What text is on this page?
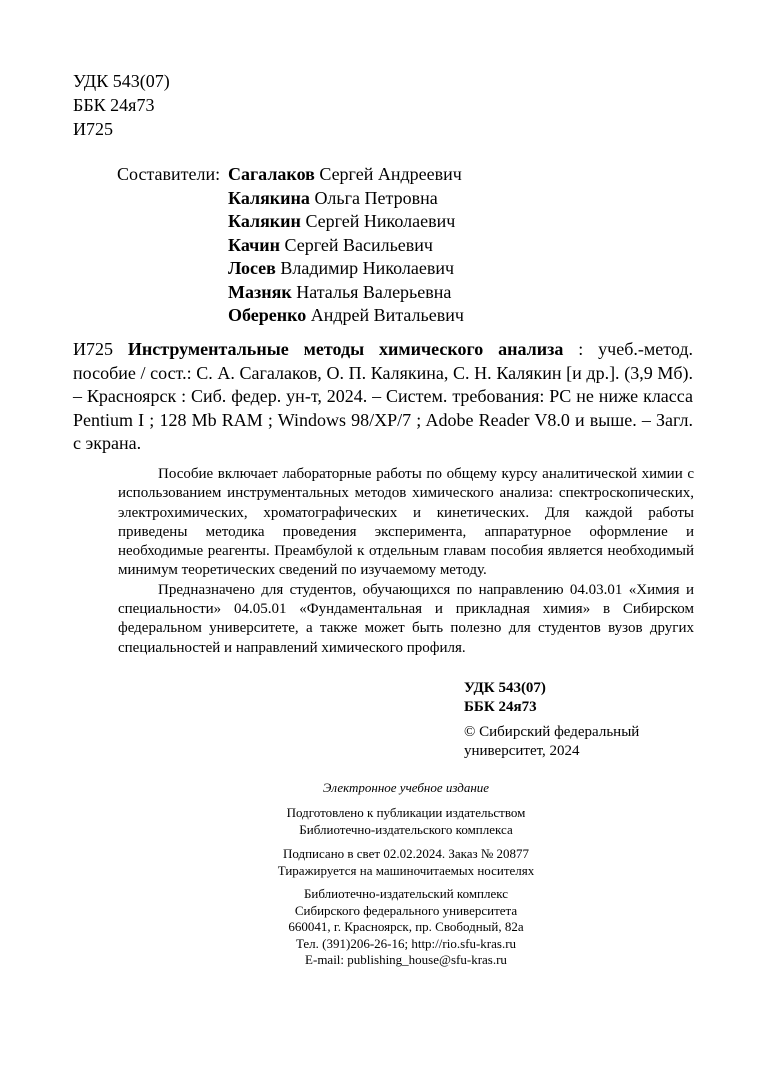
УДК 543(07)
ББК 24я73
И725
Составители: Сагалаков Сергей Андреевич
Калякина Ольга Петровна
Калякин Сергей Николаевич
Качин Сергей Васильевич
Лосев Владимир Николаевич
Мазняк Наталья Валерьевна
Оберенко Андрей Витальевич
И725 Инструментальные методы химического анализа : учеб.-метод. пособие / сост.: С. А. Сагалаков, О. П. Калякина, С. Н. Калякин [и др.]. (3,9 Мб). – Красноярск : Сиб. федер. ун-т, 2024. – Систем. требования: PC не ниже класса Pentium I ; 128 Mb RAM ; Windows 98/XP/7 ; Adobe Reader V8.0 и выше. – Загл. с экрана.

Пособие включает лабораторные работы по общему курсу аналитической химии с использованием инструментальных методов химического анализа: спектроскопических, электрохимических, хроматографических и кинетических. Для каждой работы приведены методика проведения эксперимента, аппаратурное оформление и необходимые реагенты. Преамбулой к отдельным главам пособия является необходимый минимум теоретических сведений по изучаемому методу.

Предназначено для студентов, обучающихся по направлению 04.03.01 «Химия и специальности» 04.05.01 «Фундаментальная и прикладная химия» в Сибирском федеральном университете, а также может быть полезно для студентов вузов других специальностей и направлений химического профиля.

УДК 543(07)
ББК 24я73
© Сибирский федеральный
университет, 2024
Электронное учебное издание
Подготовлено к публикации издательством
Библиотечно-издательского комплекса
Подписано в свет 02.02.2024. Заказ № 20877
Тиражируется на машиночитаемых носителях
Библиотечно-издательский комплекс
Сибирского федерального университета
660041, г. Красноярск, пр. Свободный, 82а
Тел. (391)206-26-16; http://rio.sfu-kras.ru
E-mail: publishing_house@sfu-kras.ru
